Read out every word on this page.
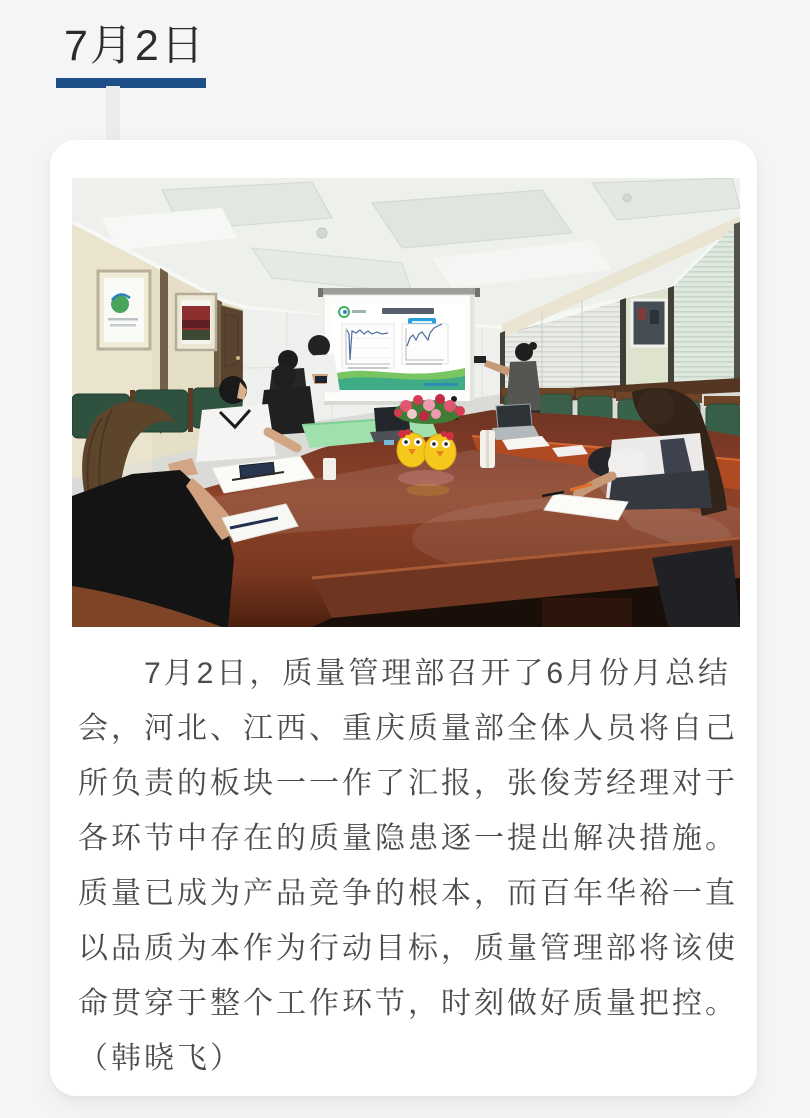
7月2日
7月2日，质量管理部召开了6月份月总结
会，河北、江西、重庆质量部全体人员将自己
所负责的板块一一作了汇报，张俊芳经理对于
各环节中存在的质量隐患逐一提出解决措施。
质量已成为产品竞争的根本，而百年华裕一直
以品质为本作为行动目标，质量管理部将该使
命贯穿于整个工作环节，时刻做好质量把控。
（韩晓飞）
